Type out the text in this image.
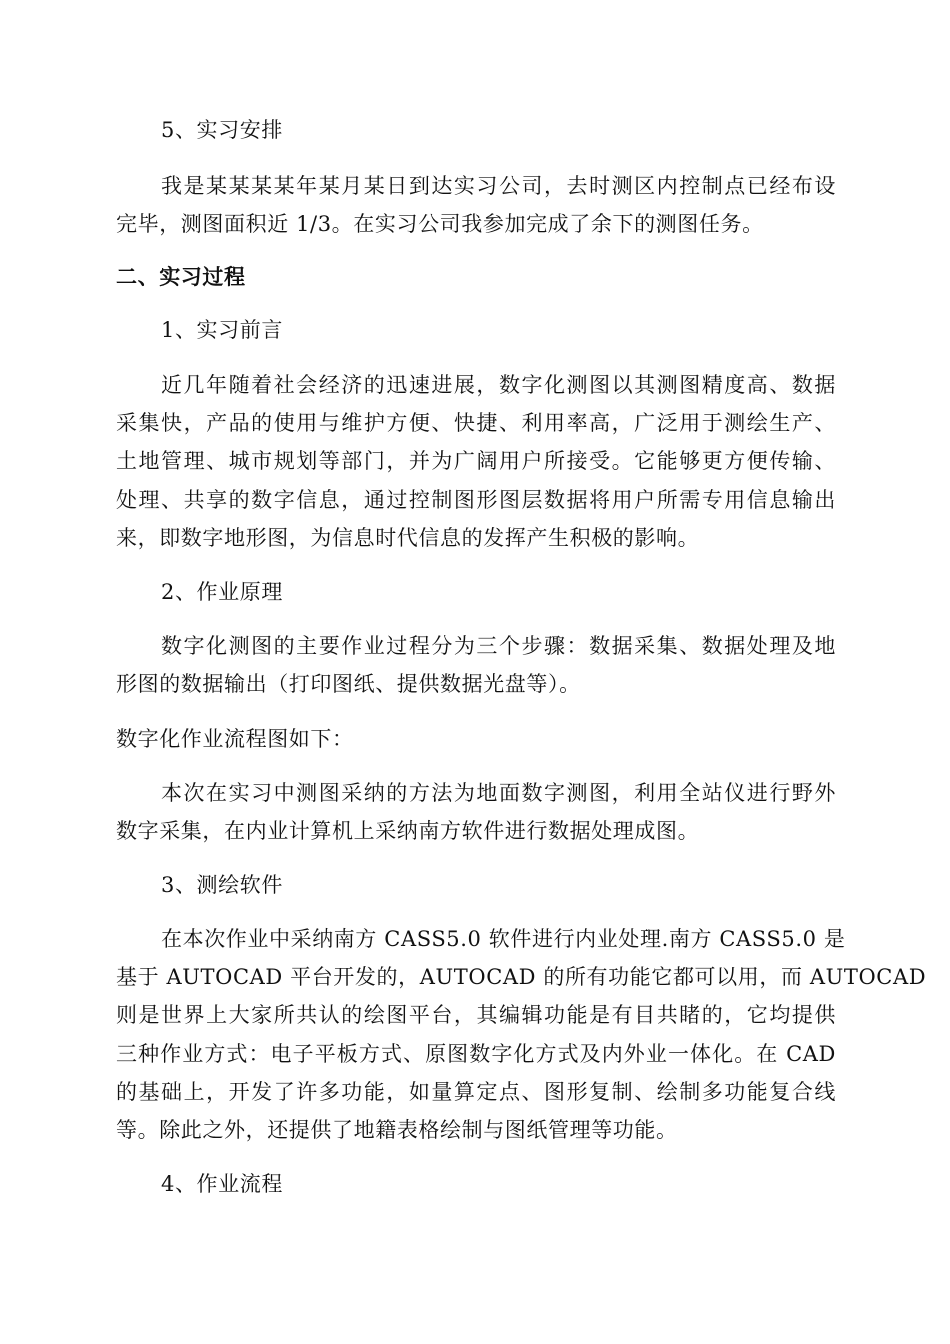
5、实习安排
我是某某某某年某月某日到达实习公司，去时测区内控制点已经布设
完毕，测图面积近 1/3。在实习公司我参加完成了余下的测图任务。
二、实习过程
1、实习前言
近几年随着社会经济的迅速进展，数字化测图以其测图精度高、数据
采集快，产品的使用与维护方便、快捷、利用率高，广泛用于测绘生产、
土地管理、城市规划等部门，并为广阔用户所接受。它能够更方便传输、
处理、共享的数字信息，通过控制图形图层数据将用户所需专用信息输出
来，即数字地形图，为信息时代信息的发挥产生积极的影响。
2、作业原理
数字化测图的主要作业过程分为三个步骤：数据采集、数据处理及地
形图的数据输出（打印图纸、提供数据光盘等）。
数字化作业流程图如下：
本次在实习中测图采纳的方法为地面数字测图，利用全站仪进行野外
数字采集，在内业计算机上采纳南方软件进行数据处理成图。
3、测绘软件
在本次作业中采纳南方 CASS5.0 软件进行内业处理.南方 CASS5.0 是
基于 AUTOCAD 平台开发的，AUTOCAD 的所有功能它都可以用，而 AUTOCAD
则是世界上大家所共认的绘图平台，其编辑功能是有目共睹的，它均提供
三种作业方式：电子平板方式、原图数字化方式及内外业一体化。在 CAD
的基础上，开发了许多功能，如量算定点、图形复制、绘制多功能复合线
等。除此之外，还提供了地籍表格绘制与图纸管理等功能。
4、作业流程
